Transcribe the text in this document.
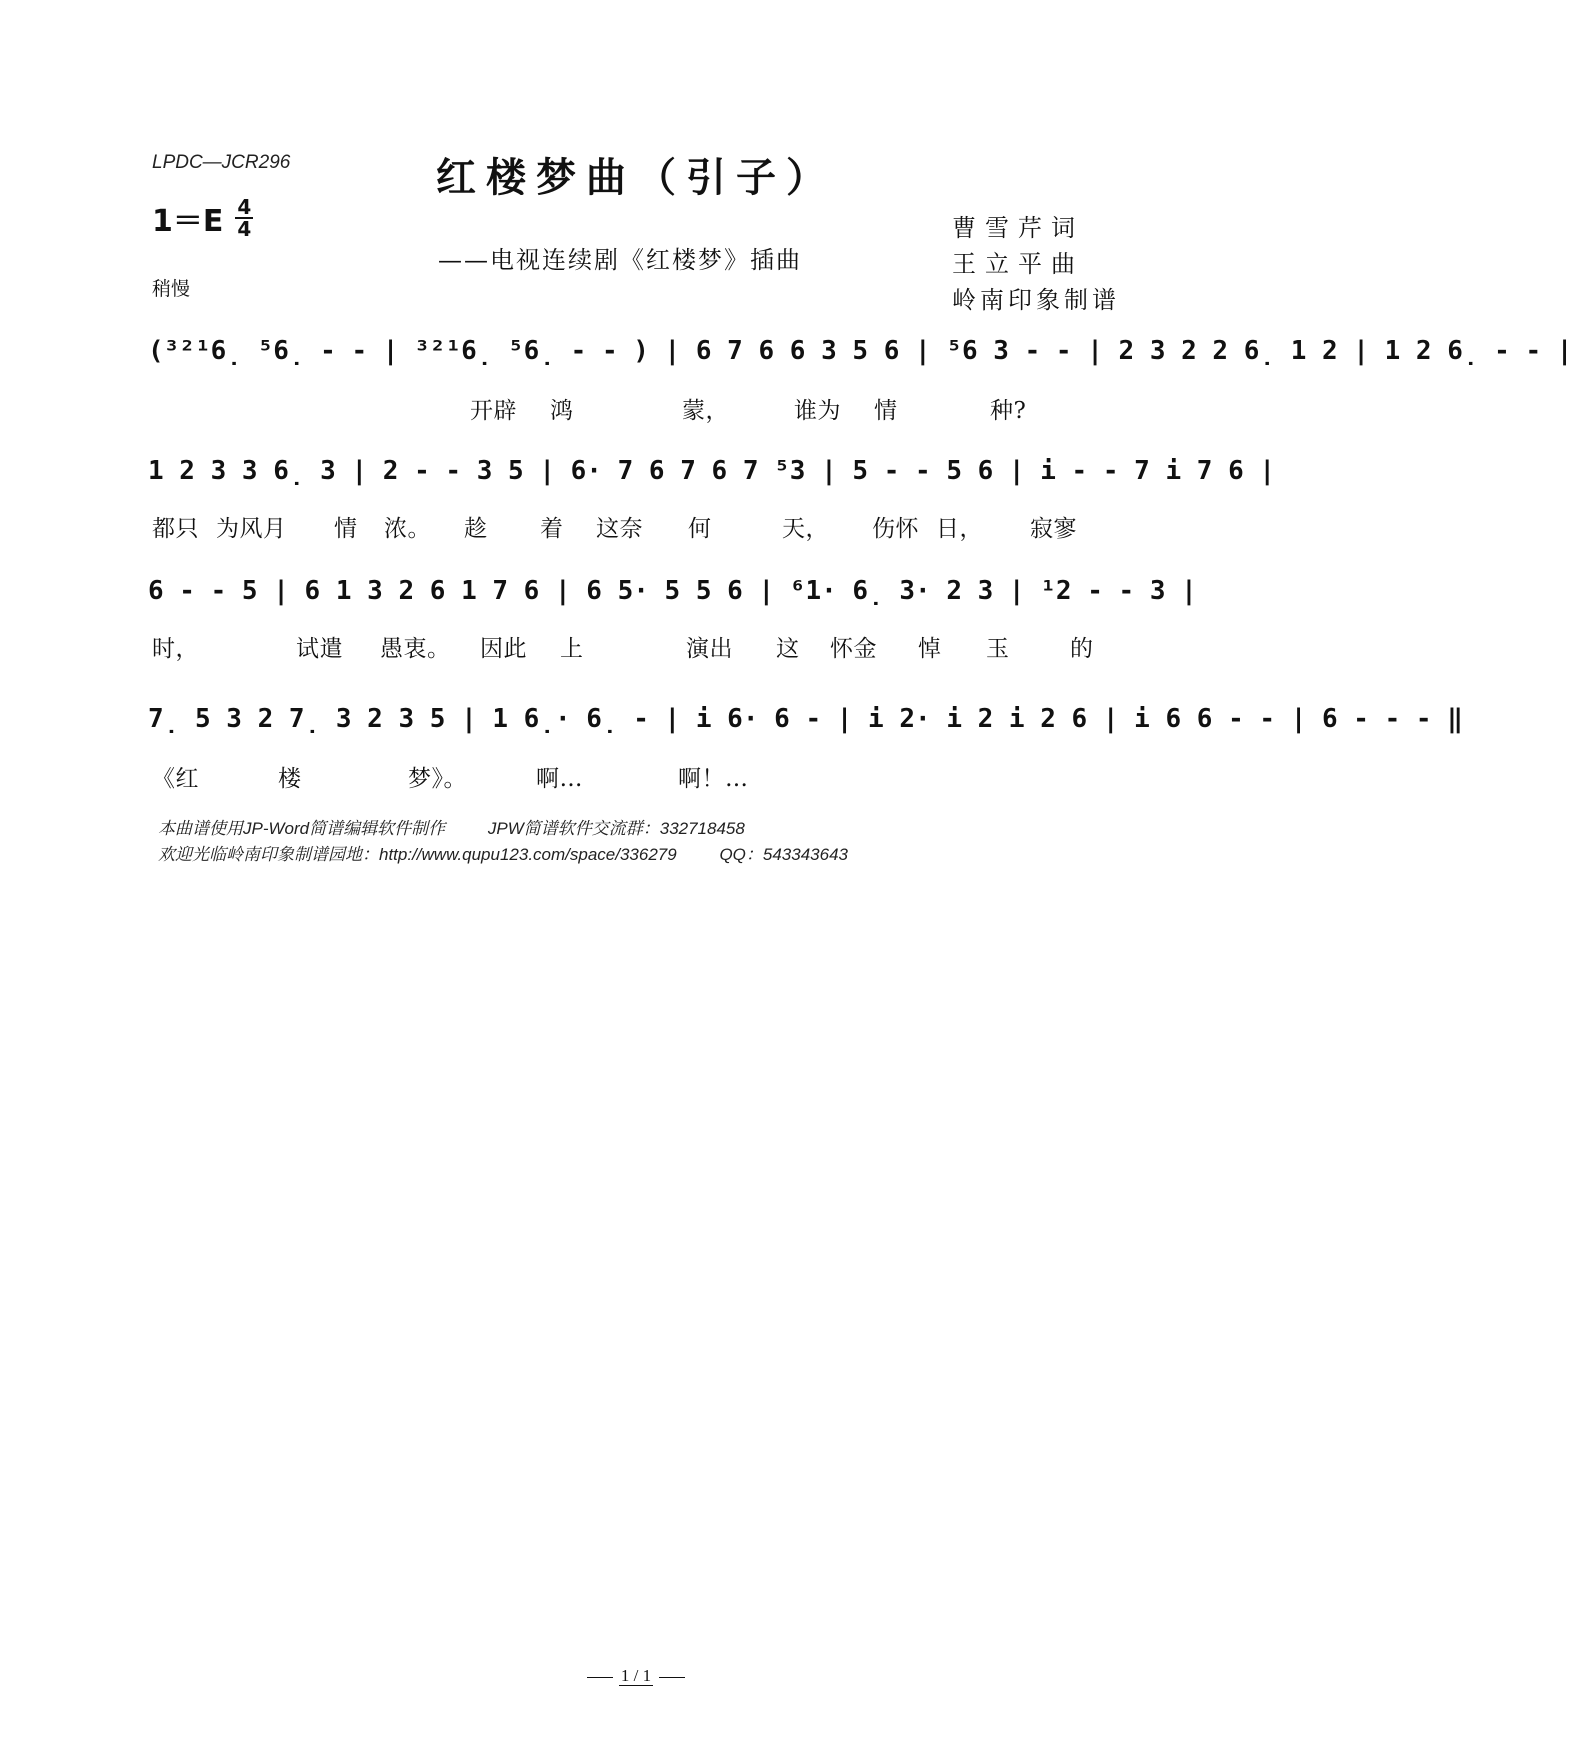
LPDC—JCR296	红楼梦曲（引子）
$1=E \frac{4}{4}$
——电视连续剧《红楼梦》插曲
曹雪芹词
王立平曲
岭南印象制谱
稍慢
(³²¹6̣ ⁵6̣ - - | ³²¹6̣ ⁵6̣ - - ) | 6 7 6 6 3 5 6 | ⁵6 3 - - | 2 3 2 2 6̣ 1 2 | 1 2 6̣ - - |
开辟 鸿	蒙，	谁为 情	种?
1 2 3 3 6̣ 3 | 2 - - 3 5 | 6· 7 6 7 6 7 ⁵3 | 5 - - 5 6 | i - - 7 i 7 6 |
都只 为风月 情 浓。 趁 着 这奈 何	天， 伤怀 日， 寂寥
6 - - 5 | 6 1 3 2 6 1 7 6 | 6 5· 5 5 6 | ⁶1· 6̣ 3· 2 3 | ¹2 - - 3 |
时，	试遣 愚衷。 因此 上	演出 这 怀金 悼 玉	的
7̣ 5 3 2 7̣ 3 2 3 5 | 1 6̣· 6̣ - | i 6· 6 - | i 2· i 2 i 2 6 | i 6 6 - - | 6 - - - ‖
《红	楼	梦》。	啊…	啊！…
本曲谱使用JP-Word简谱编辑软件制作	JPW简谱软件交流群：332718458
欢迎光临岭南印象制谱园地：http://www.qupu123.com/space/336279	QQ：543343643
1 / 1
